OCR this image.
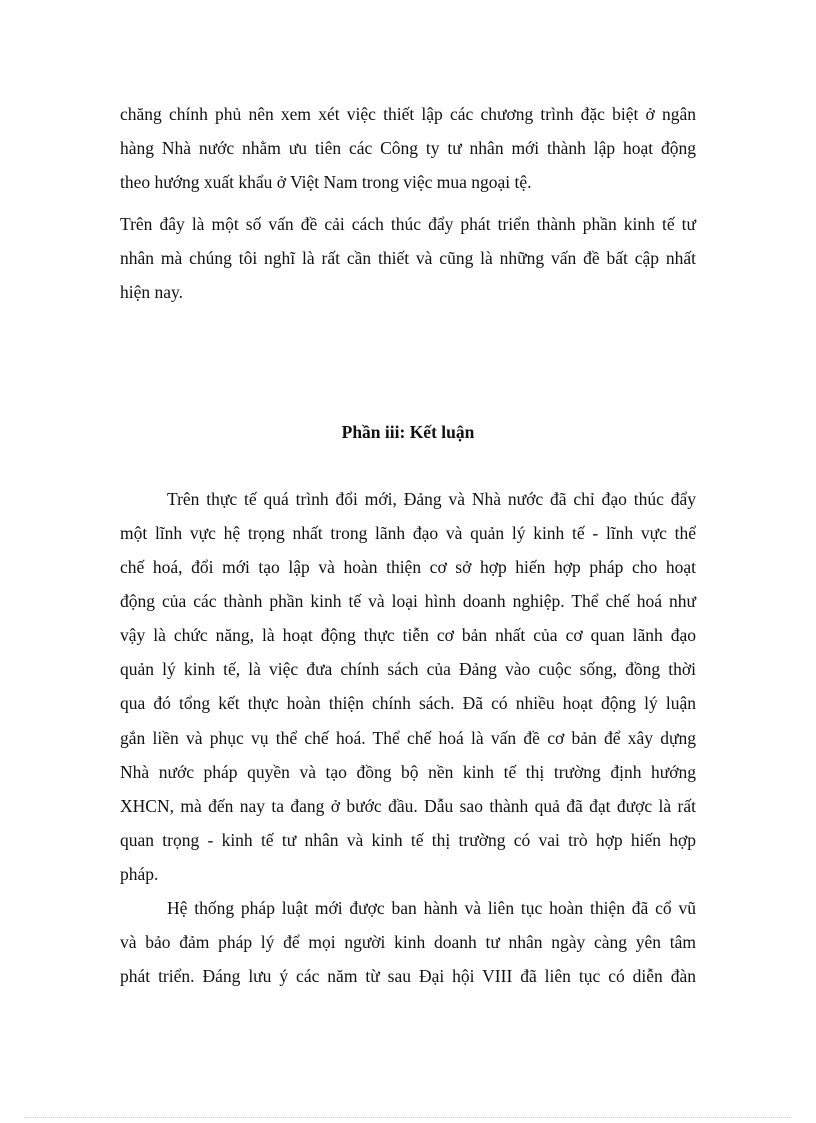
chăng chính phủ nên xem xét việc thiết lập các chương trình đặc biệt ở ngân
hàng Nhà nước nhằm ưu tiên các Công ty tư nhân mới thành lập hoạt động
theo hướng xuất khẩu ở Việt Nam trong việc mua ngoại tệ.
Trên đây là một số vấn đề cải cách thúc đẩy phát triển thành phần kinh tế tư
nhân mà chúng tôi nghĩ là rất cần thiết và cũng là những vấn đề bất cập nhất
hiện nay.
Phần iii: Kết luận
Trên thực tế quá trình đổi mới, Đảng và Nhà nước đã chỉ đạo thúc đẩy
một lĩnh vực hệ trọng nhất trong lãnh đạo và quản lý kinh tế - lĩnh vực thể
chế hoá, đổi mới tạo lập và hoàn thiện cơ sở hợp hiến hợp pháp cho hoạt
động của các thành phần kinh tế và loại hình doanh nghiệp. Thể chế hoá như
vậy là chức năng, là hoạt động thực tiễn cơ bản nhất của cơ quan lãnh đạo
quản lý kinh tế, là việc đưa chính sách của Đảng vào cuộc sống, đồng thời
qua đó tổng kết thực hoàn thiện chính sách. Đã có nhiều hoạt động lý luận
gắn liền và phục vụ thể chế hoá. Thể chế hoá là vấn đề cơ bản để xây dựng
Nhà nước pháp quyền và tạo đồng bộ nền kinh tế thị trường định hướng
XHCN, mà đến nay ta đang ở bước đầu. Dẫu sao thành quả đã đạt được là rất
quan trọng - kinh tế tư nhân và kinh tế thị trường có vai trò hợp hiến hợp
pháp.
Hệ thống pháp luật mới được ban hành và liên tục hoàn thiện đã cổ vũ
và bảo đảm pháp lý để mọi người kinh doanh tư nhân ngày càng yên tâm
phát triển. Đáng lưu ý các năm từ sau Đại hội VIII đã liên tục có diễn đàn
